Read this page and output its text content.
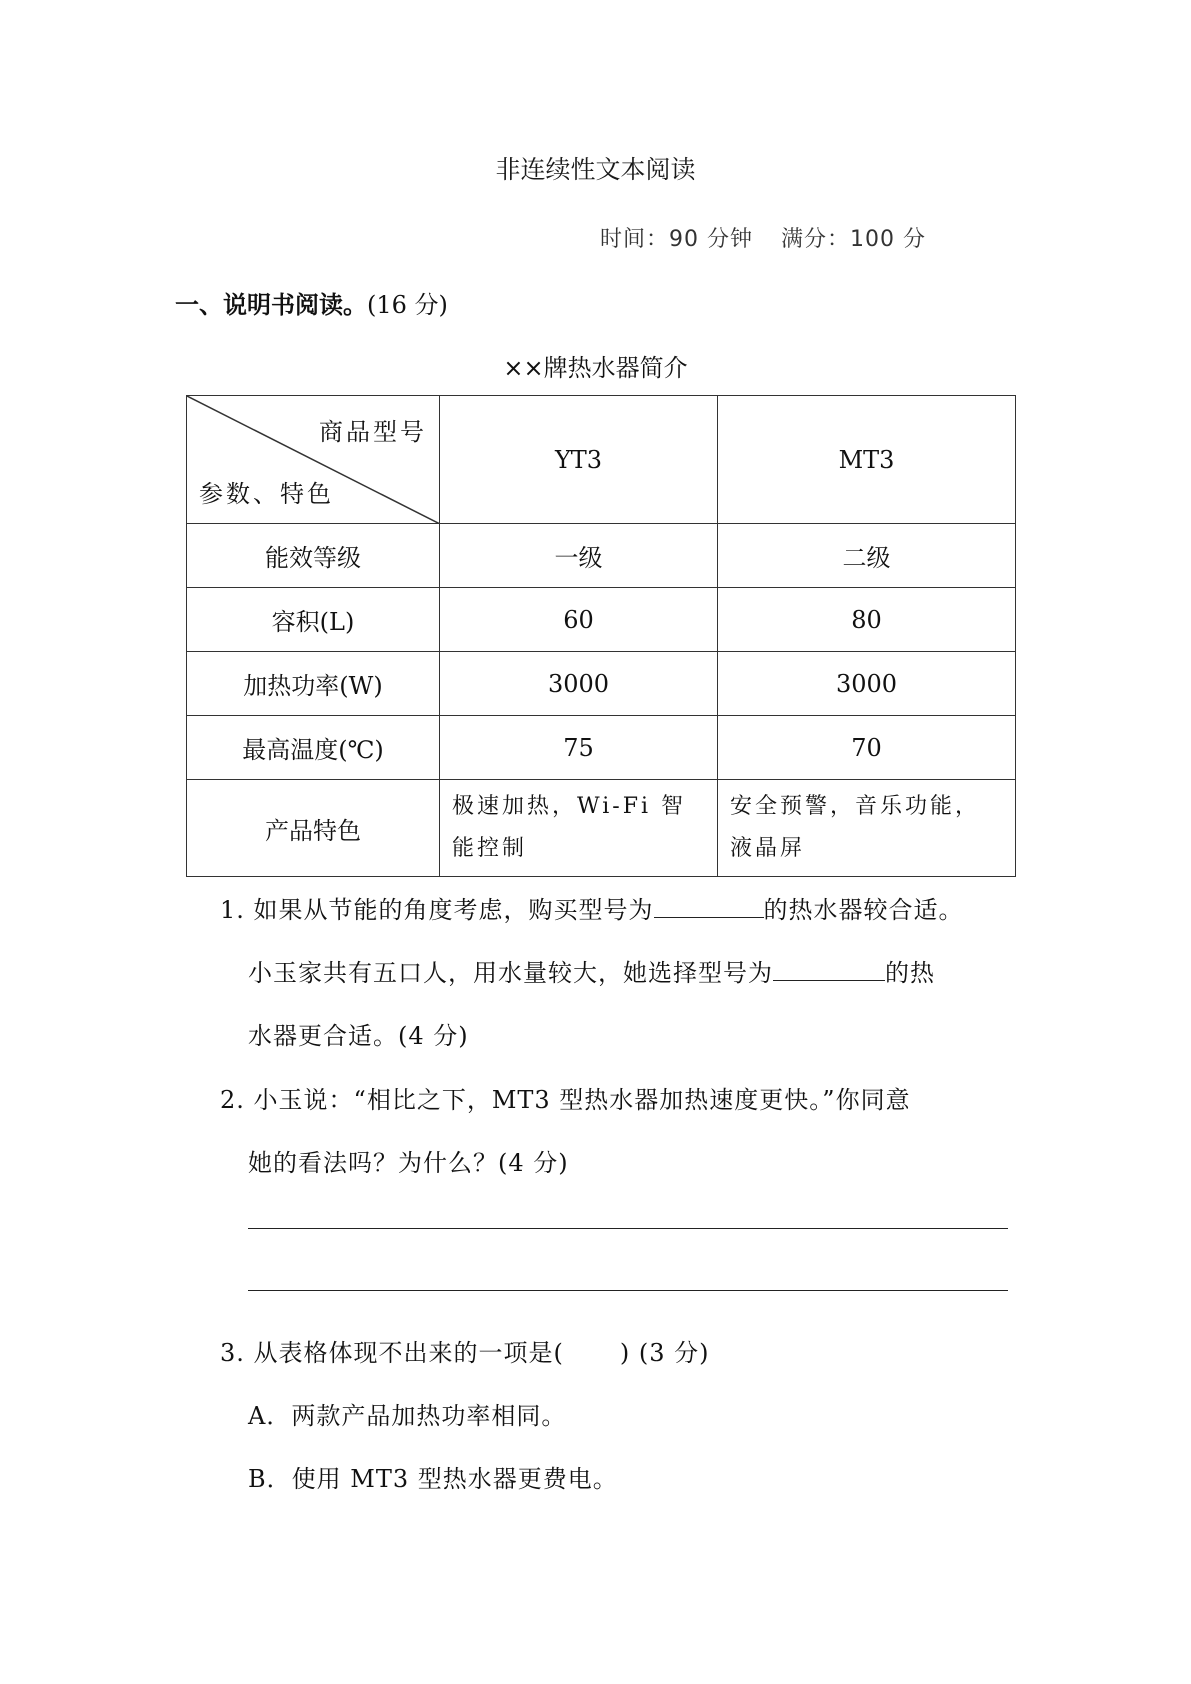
非连续性文本阅读
时间：90 分钟 满分：100 分
一、说明书阅读。(16 分)
××牌热水器简介
商品型号
参数、特色	YT3	MT3
能效等级	一级	二级
容积(L)	60	80
加热功率(W)	3000	3000
最高温度(℃)	75	70
产品特色	极速加热，Wi-Fi 智能控制	安全预警，音乐功能，液晶屏
1. 如果从节能的角度考虑，购买型号为	的热水器较合适。
小玉家共有五口人，用水量较大，她选择型号为	的热
水器更合适。(4 分)
2. 小玉说：“相比之下，MT3 型热水器加热速度更快。”你同意
她的看法吗？为什么？(4 分)
3. 从表格体现不出来的一项是( ) (3 分)
A．两款产品加热功率相同。
B．使用 MT3 型热水器更费电。
